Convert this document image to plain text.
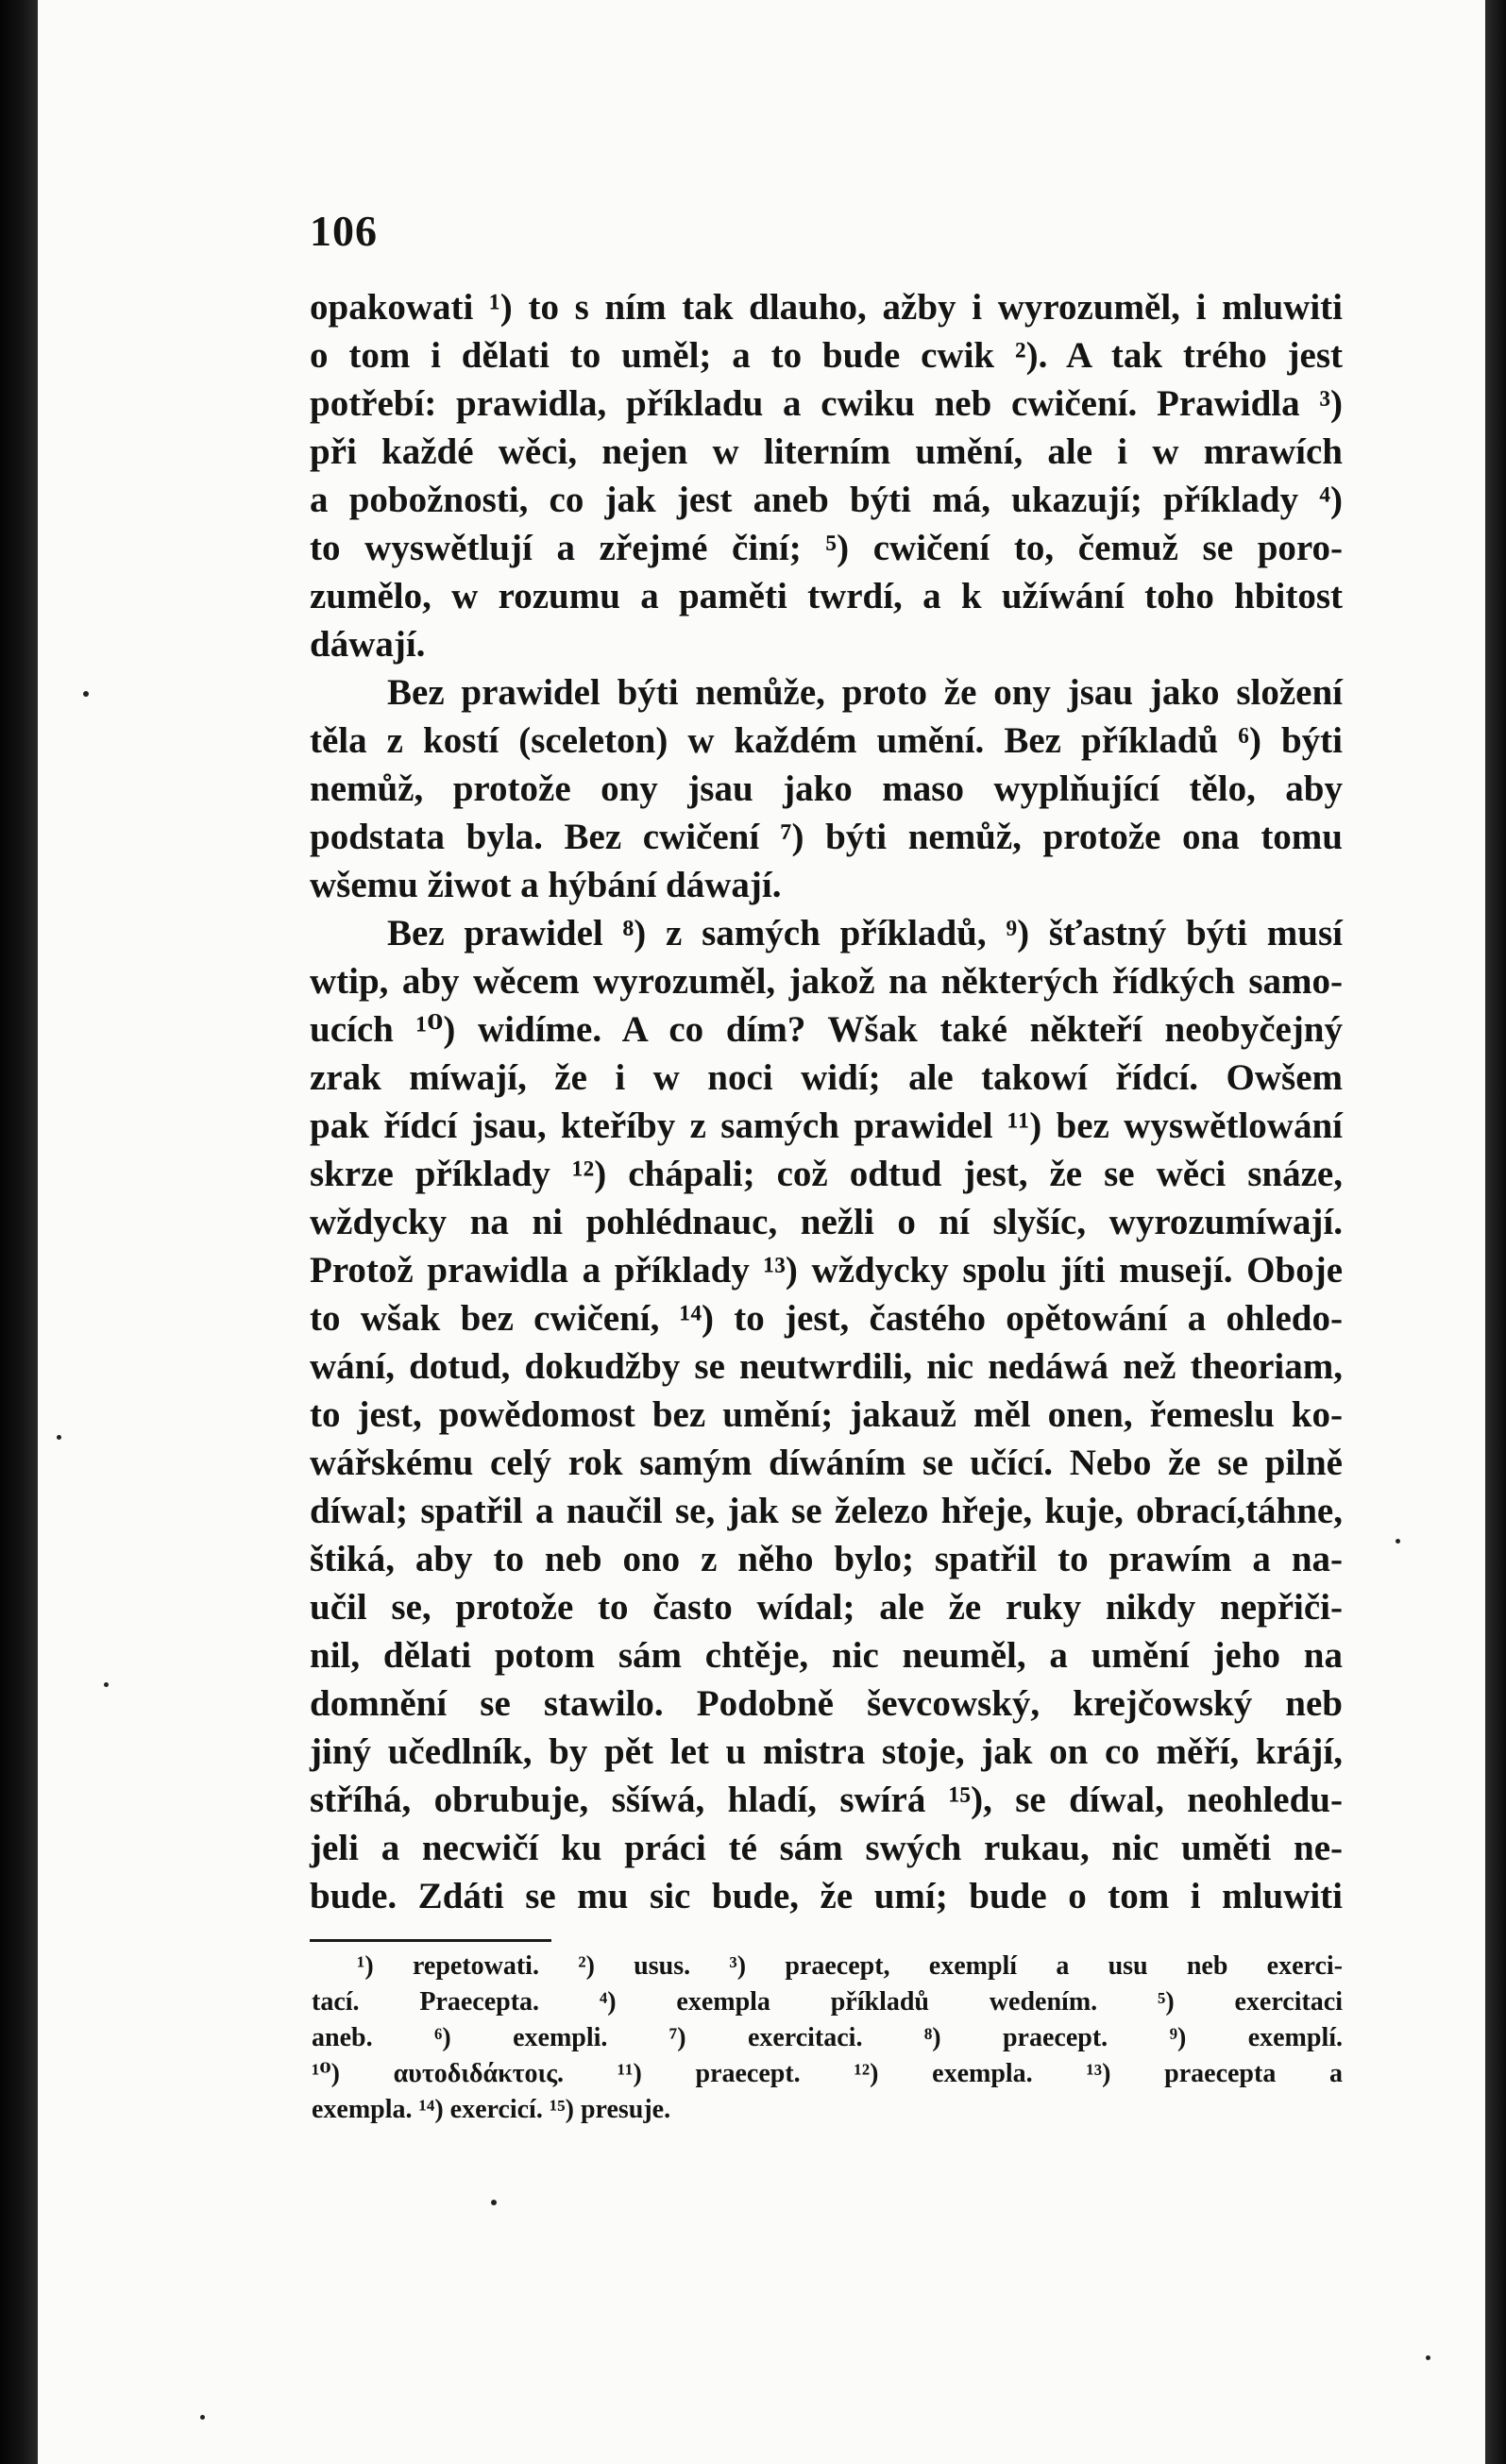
106
opakowati ¹) to s ním tak dlauho, ažby i wyrozuměl, i mluwiti
o tom i dělati to uměl; a to bude cwik ²). A tak trého jest
potřebí: prawidla, příkladu a cwiku neb cwičení. Prawidla ³)
při každé wěci, nejen w literním umění, ale i w mrawích
a pobožnosti, co jak jest aneb býti má, ukazují; příklady ⁴)
to wyswětlují a zřejmé činí; ⁵) cwičení to, čemuž se poro-
zumělo, w rozumu a paměti twrdí, a k užíwání toho hbitost
dáwají.
Bez prawidel býti nemůže, proto že ony jsau jako složení
těla z kostí (sceleton) w každém umění. Bez příkladů ⁶) býti
nemůž, protože ony jsau jako maso wyplňující tělo, aby
podstata byla. Bez cwičení ⁷) býti nemůž, protože ona tomu
wšemu žiwot a hýbání dáwají.
Bez prawidel ⁸) z samých příkladů, ⁹) šťastný býti musí
wtip, aby wěcem wyrozuměl, jakož na některých řídkých samo-
ucích ¹⁰) widíme. A co dím? Wšak také někteří neobyčejný
zrak míwají, že i w noci widí; ale takowí řídcí. Owšem
pak řídcí jsau, kteříby z samých prawidel ¹¹) bez wyswětlowání
skrze příklady ¹²) chápali; což odtud jest, že se wěci snáze,
wždycky na ni pohlédnauc, nežli o ní slyšíc, wyrozumíwají.
Protož prawidla a příklady ¹³) wždycky spolu jíti musejí. Oboje
to wšak bez cwičení, ¹⁴) to jest, častého opětowání a ohledo-
wání, dotud, dokudžby se neutwrdili, nic nedáwá než theoriam,
to jest, powědomost bez umění; jakauž měl onen, řemeslu ko-
wářskému celý rok samým díwáním se učící. Nebo že se pilně
díwal; spatřil a naučil se, jak se železo hřeje, kuje, obrací,táhne,
štiká, aby to neb ono z něho bylo; spatřil to prawím a na-
učil se, protože to často wídal; ale že ruky nikdy nepřiči-
nil, dělati potom sám chtěje, nic neuměl, a umění jeho na
domnění se stawilo. Podobně ševcowský, krejčowský neb
jiný učedlník, by pět let u mistra stoje, jak on co měří, krájí,
stříhá, obrubuje, sšíwá, hladí, swírá ¹⁵), se díwal, neohledu-
jeli a necwičí ku práci té sám swých rukau, nic uměti ne-
bude. Zdáti se mu sic bude, že umí; bude o tom i mluwiti
¹) repetowati. ²) usus. ³) praecept, exemplí a usu neb exerci-
tací. Praecepta. ⁴) exempla příkladů wedením. ⁵) exercitaci
aneb. ⁶) exempli. ⁷) exercitaci. ⁸) praecept. ⁹) exemplí.
¹⁰) αυτοδιδάκτοις. ¹¹) praecept. ¹²) exempla. ¹³) praecepta a
exempla. ¹⁴) exercicí. ¹⁵) presuje.
